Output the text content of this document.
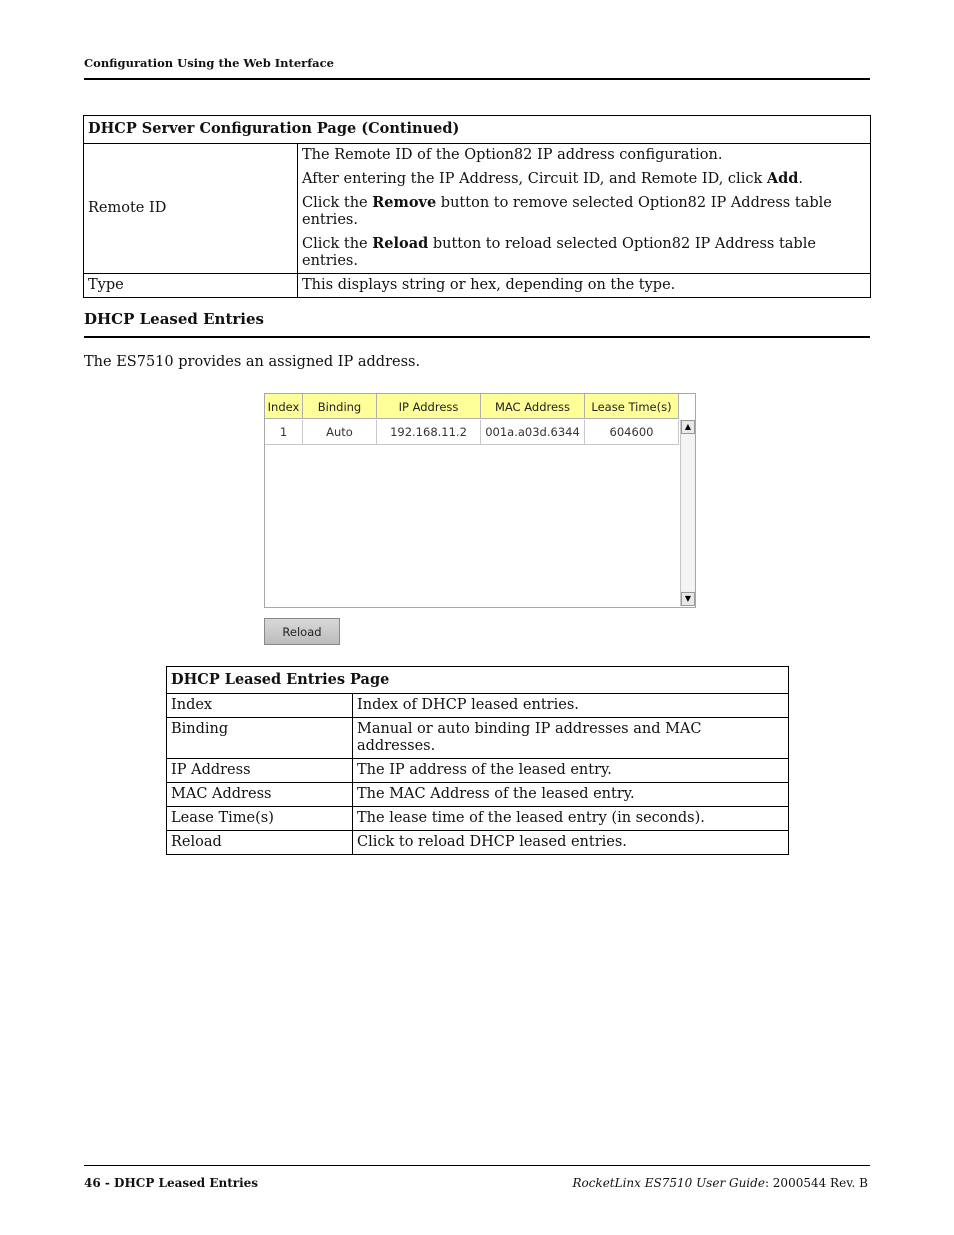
Configuration Using the Web Interface
DHCP Server Configuration Page (Continued)	
Remote ID	The Remote ID of the Option82 IP address configuration.

After entering the IP Address, Circuit ID, and Remote ID, click Add.

Click the Remove button to remove selected Option82 IP Address table entries.

Click the Reload button to reload selected Option82 IP Address table entries.

Type	This displays string or hex, depending on the type.
DHCP Leased Entries
The ES7510 provides an assigned IP address.
Index	Binding	IP Address	MAC Address	Lease Time(s)
1	Auto	192.168.11.2	001a.a03d.6344	604600	▲
▼
Reload
DHCP Leased Entries Page	
Index	Index of DHCP leased entries.
Binding	Manual or auto binding IP addresses and MAC addresses.
IP Address	The IP address of the leased entry.
MAC Address	The MAC Address of the leased entry.
Lease Time(s)	The lease time of the leased entry (in seconds).
Reload	Click to reload DHCP leased entries.
46 - DHCP Leased Entries	RocketLinx ES7510 User Guide: 2000544 Rev. B
